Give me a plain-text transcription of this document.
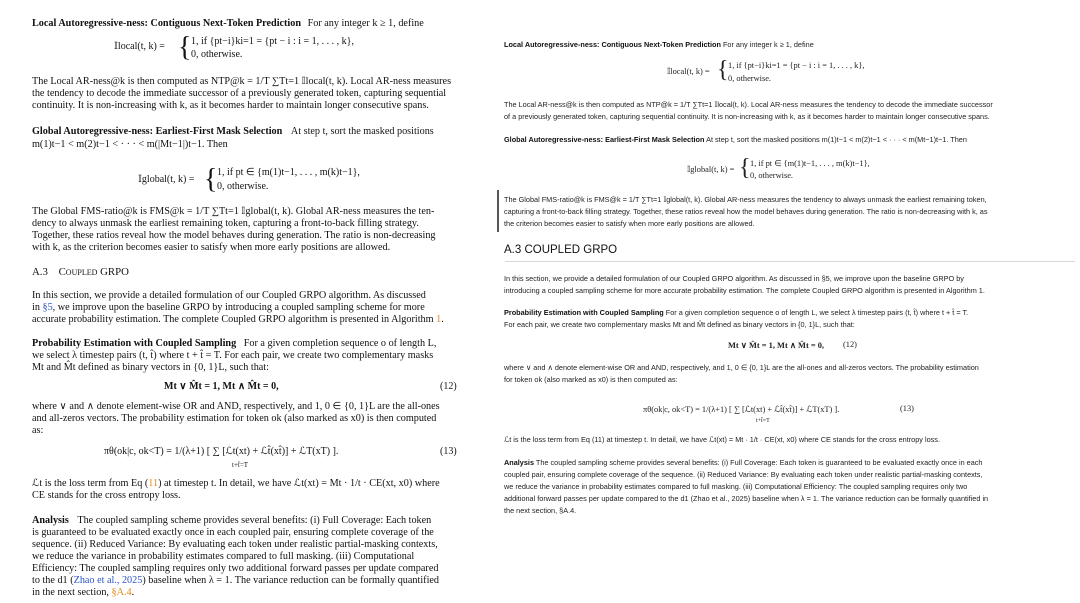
Local Autoregressive-ness: Contiguous Next-Token Prediction For any integer k ≥ 1, define
𝕀local(t, k) = { 1, if {pt−i}ki=1 = {pt − i : i = 1, . . . , k},
0, otherwise.
The Local AR-ness@k is then computed as NTP@k = 1/T ∑Tt=1 𝕀local(t, k). Local AR-ness measures
the tendency to decode the immediate successor of a previously generated token, capturing sequential
continuity. It is non-increasing with k, as it becomes harder to maintain longer consecutive spans.
Global Autoregressive-ness: Earliest-First Mask Selection At step t, sort the masked positions
m(1)t−1 < m(2)t−1 < · · · < m(|Mt−1|)t−1. Then
𝕀global(t, k) = { 1, if pt ∈ {m(1)t−1, . . . , m(k)t−1},
0, otherwise.
The Global FMS-ratio@k is FMS@k = 1/T ∑Tt=1 𝕀global(t, k). Global AR-ness measures the ten-
dency to always unmask the earliest remaining token, capturing a front-to-back filling strategy.
Together, these ratios reveal how the model behaves during generation. The ratio is non-decreasing
with k, as the criterion becomes easier to satisfy when more early positions are allowed.
A.3 Coupled GRPO
In this section, we provide a detailed formulation of our Coupled GRPO algorithm. As discussed
in §5, we improve upon the baseline GRPO by introducing a coupled sampling scheme for more
accurate probability estimation. The complete Coupled GRPO algorithm is presented in Algorithm 1.
Probability Estimation with Coupled Sampling For a given completion sequence o of length L,
we select λ timestep pairs (t, t̂) where t + t̂ = T. For each pair, we create two complementary masks
Mt and M̂t defined as binary vectors in {0, 1}L, such that:
Mt ∨ M̂t = 1, Mt ∧ M̂t = 0,	(12)
where ∨ and ∧ denote element-wise OR and AND, respectively, and 1, 0 ∈ {0, 1}L are the all-ones
and all-zeros vectors. The probability estimation for token ok (also marked as x0) is then computed
as:
πθ(ok|c, ok<T) = 1/(λ+1) [ ∑ [ℒt(xt) + ℒt̂(xt̂)] + ℒT(xT) ].
t+t̂=T
(13)
ℒt is the loss term from Eq (11) at timestep t. In detail, we have ℒt(xt) = Mt · 1/t · CE(xt, x0) where
CE stands for the cross entropy loss.
Analysis The coupled sampling scheme provides several benefits: (i) Full Coverage: Each token
is guaranteed to be evaluated exactly once in each coupled pair, ensuring complete coverage of the
sequence. (ii) Reduced Variance: By evaluating each token under realistic partial-masking contexts,
we reduce the variance in probability estimates compared to full masking. (iii) Computational
Efficiency: The coupled sampling requires only two additional forward passes per update compared
to the d1 (Zhao et al., 2025) baseline when λ = 1. The variance reduction can be formally quantified
in the next section, §A.4.
Local Autoregressive-ness: Contiguous Next-Token Prediction For any integer k ≥ 1, define
𝕀local(t, k) = { 1, if {pt−i}ki=1 = {pt − i : i = 1, . . . , k},
0, otherwise.
The Local AR-ness@k is then computed as NTP@k = 1/T ∑Tt=1 𝕀local(t, k). Local AR-ness measures the tendency to decode the immediate successor
of a previously generated token, capturing sequential continuity. It is non-increasing with k, as it becomes harder to maintain longer consecutive spans.
Global Autoregressive-ness: Earliest-First Mask Selection At step t, sort the masked positions m(1)t−1 < m(2)t−1 < · · · < m(Mt−1)t−1. Then
𝕀global(t, k) = { 1, if pt ∈ {m(1)t−1, . . . , m(k)t−1},
0, otherwise.
The Global FMS-ratio@k is FMS@k = 1/T ∑Tt=1 𝕀global(t, k). Global AR-ness measures the tendency to always unmask the earliest remaining token,
capturing a front-to-back filling strategy. Together, these ratios reveal how the model behaves during generation. The ratio is non-decreasing with k, as
the criterion becomes easier to satisfy when more early positions are allowed.
A.3 COUPLED GRPO
In this section, we provide a detailed formulation of our Coupled GRPO algorithm. As discussed in §5, we improve upon the baseline GRPO by
introducing a coupled sampling scheme for more accurate probability estimation. The complete Coupled GRPO algorithm is presented in Algorithm 1.
Probability Estimation with Coupled Sampling For a given completion sequence o of length L, we select λ timestep pairs (t, t̂) where t + t̂ = T.
For each pair, we create two complementary masks Mt and M̂t defined as binary vectors in {0, 1}L, such that:
Mt ∨ M̂t = 1, Mt ∧ M̂t = 0, (12)
where ∨ and ∧ denote element-wise OR and AND, respectively, and 1, 0 ∈ {0, 1}L are the all-ones and all-zeros vectors. The probability estimation
for token ok (also marked as x0) is then computed as:
πθ(ok|c, ok<T) = 1/(λ+1) [ ∑ [ℒt(xt) + ℒt̂(xt̂)] + ℒT(xT) ].
t+t̂=T
(13)
ℒt is the loss term from Eq (11) at timestep t. In detail, we have ℒt(xt) = Mt · 1/t · CE(xt, x0) where CE stands for the cross entropy loss.
Analysis The coupled sampling scheme provides several benefits: (i) Full Coverage: Each token is guaranteed to be evaluated exactly once in each
coupled pair, ensuring complete coverage of the sequence. (ii) Reduced Variance: By evaluating each token under realistic partial-masking contexts,
we reduce the variance in probability estimates compared to full masking. (iii) Computational Efficiency: The coupled sampling requires only two
additional forward passes per update compared to the d1 (Zhao et al., 2025) baseline when λ = 1. The variance reduction can be formally quantified in
the next section, §A.4.
